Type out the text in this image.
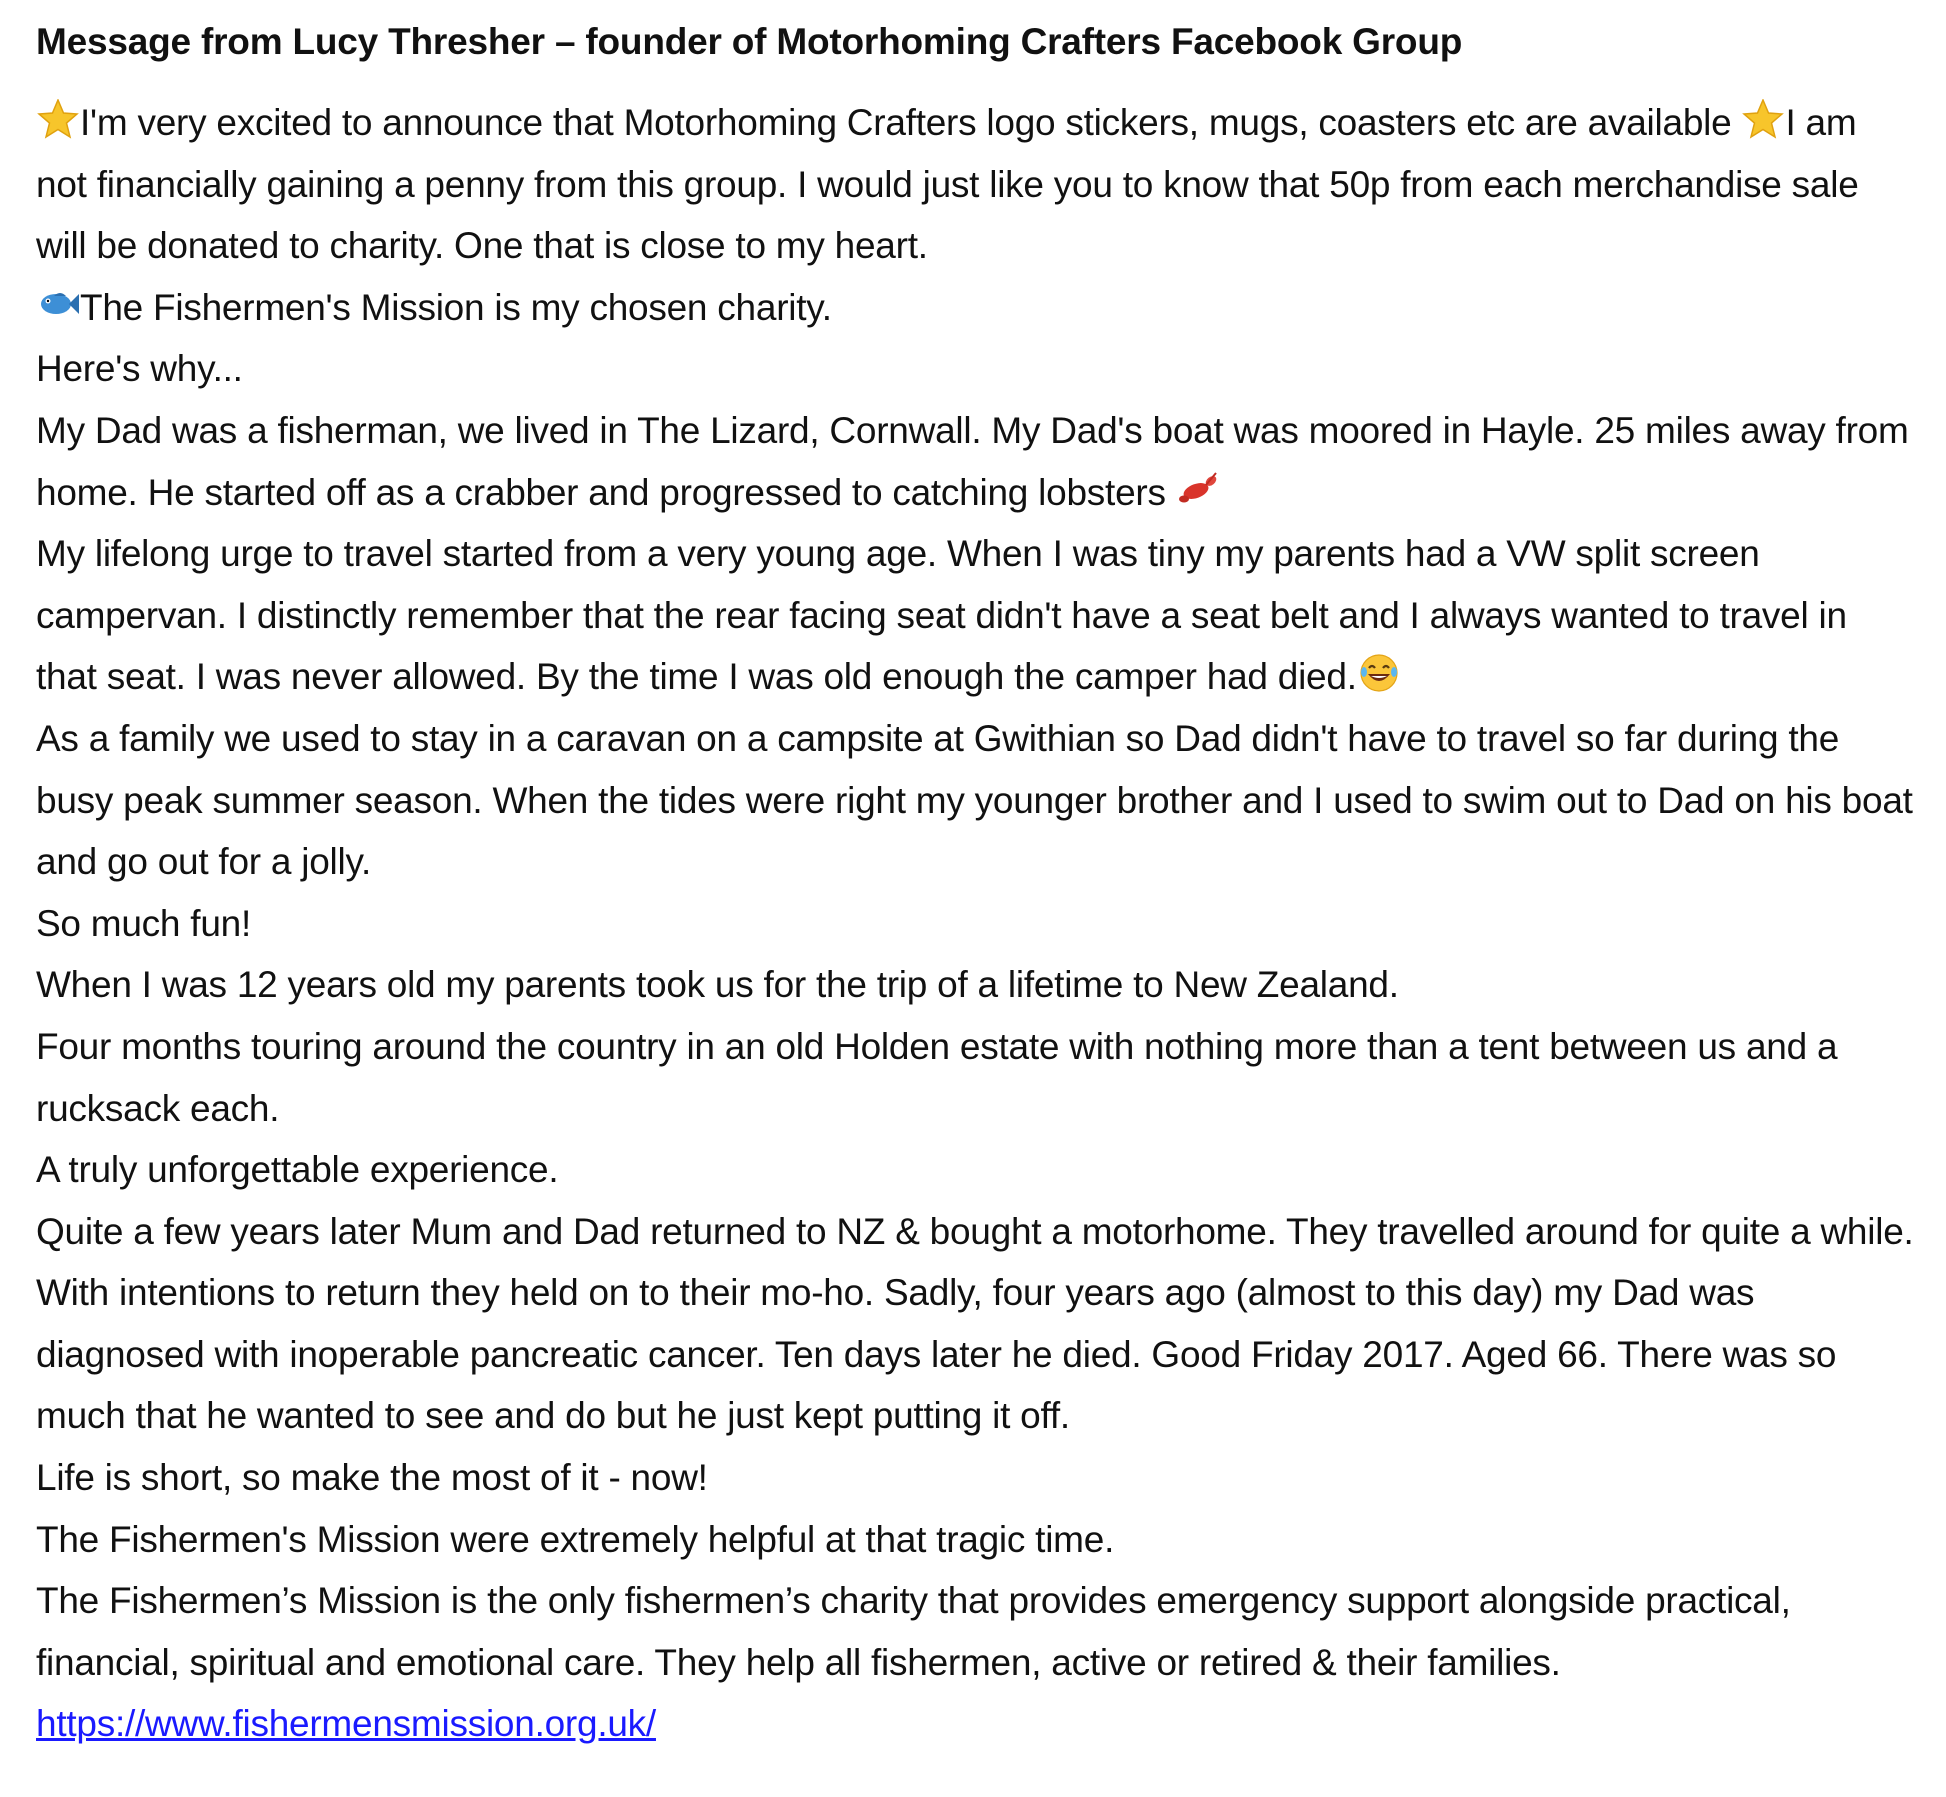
Message from Lucy Thresher – founder of Motorhoming Crafters Facebook Group

I'm very excited to announce that Motorhoming Crafters logo stickers, mugs, coasters etc are available
I am not financially gaining a penny from this group. I would just like you to know that 50p from each merchandise sale will be donated to charity. One that is close to my heart.

The Fishermen's Mission is my chosen charity.

Here's why...

My Dad was a fisherman, we lived in The Lizard, Cornwall. My Dad's boat was moored in Hayle. 25 miles away from home. He started off as a crabber and progressed to catching lobsters

My lifelong urge to travel started from a very young age. When I was tiny my parents had a VW split screen campervan. I distinctly remember that the rear facing seat didn't have a seat belt and I always wanted to travel in that seat. I was never allowed. By the time I was old enough the camper had died.

As a family we used to stay in a caravan on a campsite at Gwithian so Dad didn't have to travel so far during the busy peak summer season. When the tides were right my younger brother and I used to swim out to Dad on his boat and go out for a jolly.

So much fun!

When I was 12 years old my parents took us for the trip of a lifetime to New Zealand.

Four months touring around the country in an old Holden estate with nothing more than a tent between us and a rucksack each.

A truly unforgettable experience.

Quite a few years later Mum and Dad returned to NZ & bought a motorhome. They travelled around for quite a while. With intentions to return they held on to their mo-ho. Sadly, four years ago (almost to this day) my Dad was diagnosed with inoperable pancreatic cancer. Ten days later he died. Good Friday 2017. Aged 66. There was so much that he wanted to see and do but he just kept putting it off.

Life is short, so make the most of it - now!

The Fishermen's Mission were extremely helpful at that tragic time.

The Fishermen’s Mission is the only fishermen’s charity that provides emergency support alongside practical, financial, spiritual and emotional care. They help all fishermen, active or retired & their families. https://www.fishermensmission.org.uk/
